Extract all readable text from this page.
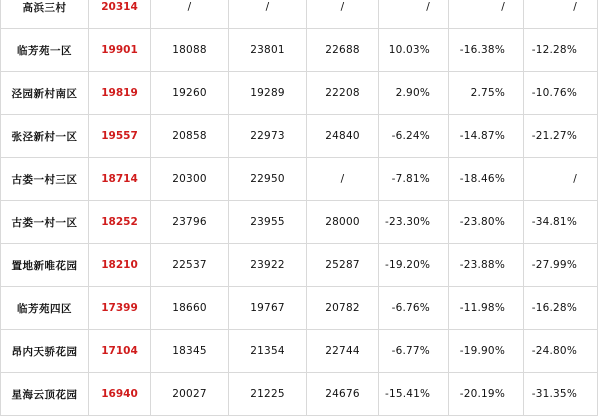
高浜三村	20314	/	/	/	/	/	/
临芳苑一区	19901	18088	23801	22688	10.03%	-16.38%	-12.28%
泾园新村南区	19819	19260	19289	22208	2.90%	2.75%	-10.76%
张泾新村一区	19557	20858	22973	24840	-6.24%	-14.87%	-21.27%
古娄一村三区	18714	20300	22950	/	-7.81%	-18.46%	/
古娄一村一区	18252	23796	23955	28000	-23.30%	-23.80%	-34.81%
置地新唯花园	18210	22537	23922	25287	-19.20%	-23.88%	-27.99%
临芳苑四区	17399	18660	19767	20782	-6.76%	-11.98%	-16.28%
昂内天骄花园	17104	18345	21354	22744	-6.77%	-19.90%	-24.80%
星海云顶花园	16940	20027	21225	24676	-15.41%	-20.19%	-31.35%
